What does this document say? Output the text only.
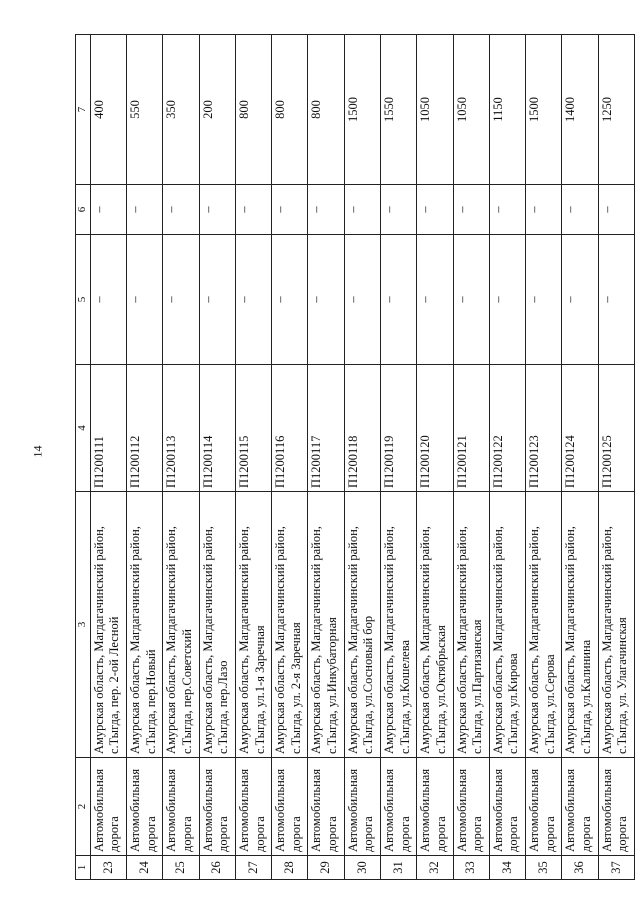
14
1	2	3	4	5	6	7
23	Автомобильная дорога	Амурская область, Магдагачинский район, с.Тыгда, пер. 2-ой Лесной	П1200111	–	–	400
24	Автомобильная дорога	Амурская область, Магдагачинский район, с.Тыгда, пер.Новый	П1200112	–	–	550
25	Автомобильная дорога	Амурская область, Магдагачинский район, с.Тыгда, пер.Советский	П1200113	–	–	350
26	Автомобильная дорога	Амурская область, Магдагачинский район, с.Тыгда, пер.Лазо	П1200114	–	–	200
27	Автомобильная дорога	Амурская область, Магдагачинский район, с.Тыгда, ул.1-я Заречная	П1200115	–	–	800
28	Автомобильная дорога	Амурская область, Магдагачинский район, с.Тыгда, ул. 2-я Заречная	П1200116	–	–	800
29	Автомобильная дорога	Амурская область, Магдагачинский район, с.Тыгда, ул.Инкубаторная	П1200117	–	–	800
30	Автомобильная дорога	Амурская область, Магдагачинский район, с.Тыгда, ул.Сосновый бор	П1200118	–	–	1500
31	Автомобильная дорога	Амурская область, Магдагачинский район, с.Тыгда, ул.Кошелева	П1200119	–	–	1550
32	Автомобильная дорога	Амурская область, Магдагачинский район, с.Тыгда, ул.Октябрьская	П1200120	–	–	1050
33	Автомобильная дорога	Амурская область, Магдагачинский район, с.Тыгда, ул.Партизанская	П1200121	–	–	1050
34	Автомобильная дорога	Амурская область, Магдагачинский район, с.Тыгда, ул.Кирова	П1200122	–	–	1150
35	Автомобильная дорога	Амурская область, Магдагачинский район, с.Тыгда, ул.Серова	П1200123	–	–	1500
36	Автомобильная дорога	Амурская область, Магдагачинский район, с.Тыгда, ул.Калинина	П1200124	–	–	1400
37	Автомобильная дорога	Амурская область, Магдагачинский район, с.Тыгда, ул. Улагачинская	П1200125	–	–	1250
